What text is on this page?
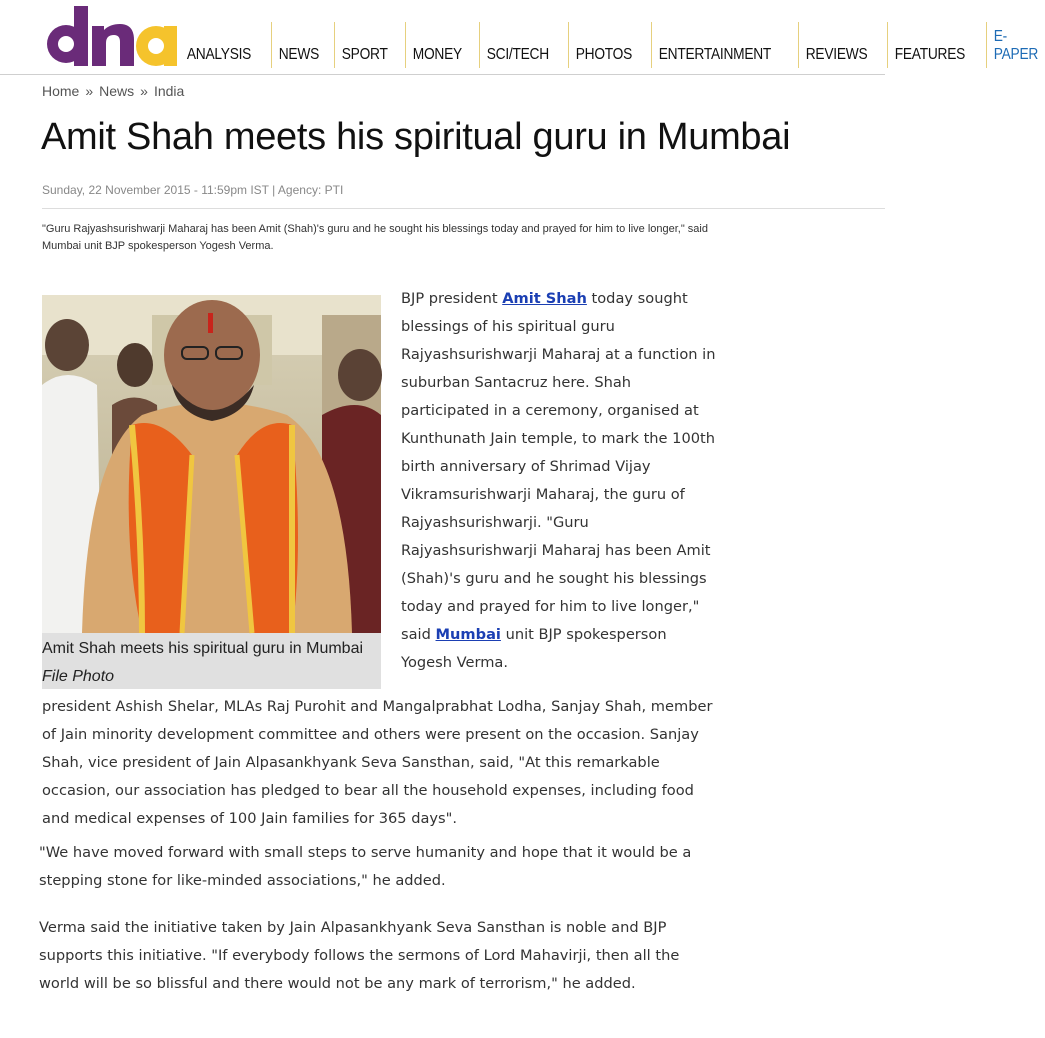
ANALYSIS	NEWS	SPORT	MONEY	SCI/TECH	PHOTOS	ENTERTAINMENT	REVIEWS	FEATURES
E-PAPER
Home » News » India
Amit Shah meets his spiritual guru in Mumbai
Sunday, 22 November 2015 - 11:59pm IST | Agency: PTI
"Guru Rajyashsurishwarji Maharaj has been Amit (Shah)'s guru and he sought his blessings today and prayed for him to live longer," said Mumbai unit BJP spokesperson Yogesh Verma.
Amit Shah meets his spiritual guru in Mumbai File Photo
BJP president Amit Shah today sought blessings of his spiritual guru Rajyashsurishwarji Maharaj at a function in suburban Santacruz here. Shah participated in a ceremony, organised at Kunthunath Jain temple, to mark the 100th birth anniversary of Shrimad Vijay Vikramsurishwarji Maharaj, the guru of Rajyashsurishwarji. "Guru Rajyashsurishwarji Maharaj has been Amit (Shah)'s guru and he sought his blessings today and prayed for him to live longer," said Mumbai unit BJP spokesperson Yogesh Verma.
president Ashish Shelar, MLAs Raj Purohit and Mangalprabhat Lodha, Sanjay Shah, member of Jain minority development committee and others were present on the occasion. Sanjay Shah, vice president of Jain Alpasankhyank Seva Sansthan, said, "At this remarkable occasion, our association has pledged to bear all the household expenses, including food and medical expenses of 100 Jain families for 365 days".
"We have moved forward with small steps to serve humanity and hope that it would be a stepping stone for like-minded associations," he added.
Verma said the initiative taken by Jain Alpasankhyank Seva Sansthan is noble and BJP supports this initiative. "If everybody follows the sermons of Lord Mahavirji, then all the world will be so blissful and there would not be any mark of terrorism," he added.
